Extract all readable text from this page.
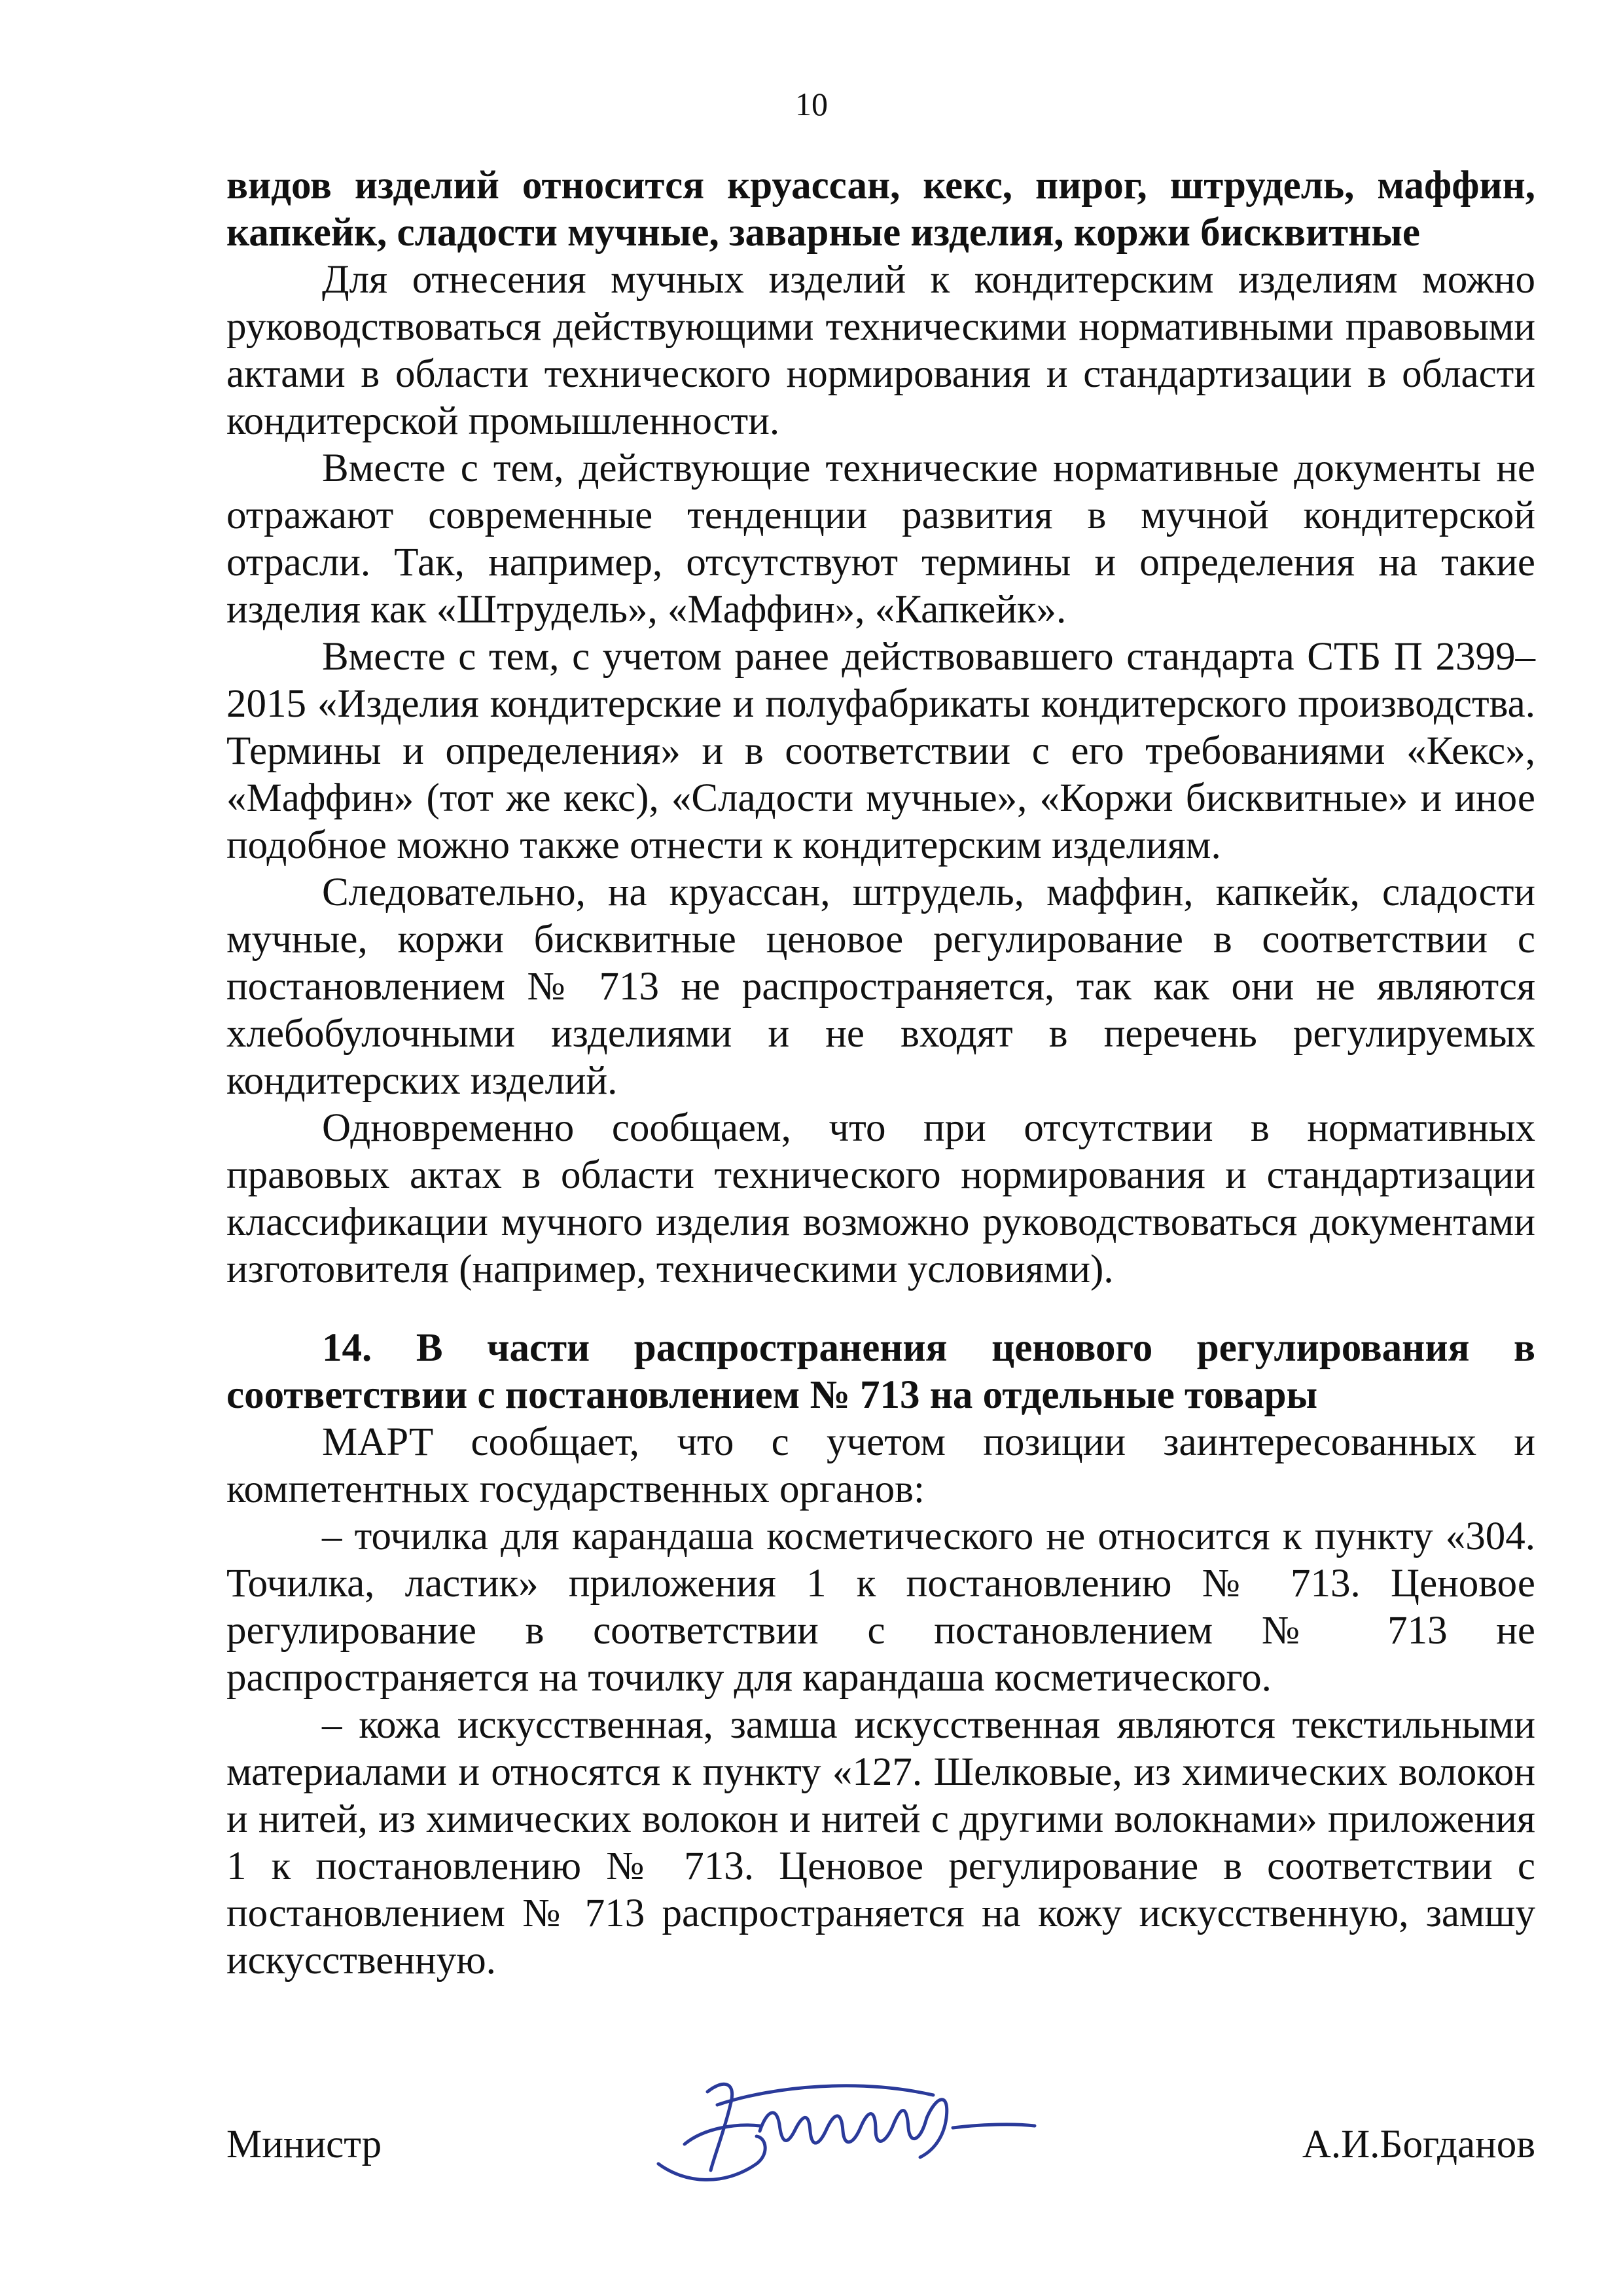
10

видов изделий относится круассан, кекс, пирог, штрудель, маффин, капкейк, сладости мучные, заварные изделия, коржи бисквитные

Для отнесения мучных изделий к кондитерским изделиям можно руководствоваться действующими техническими нормативными правовыми актами в области технического нормирования и стандартизации в области кондитерской промышленности.

Вместе с тем, действующие технические нормативные документы не отражают современные тенденции развития в мучной кондитерской отрасли. Так, например, отсутствуют термины и определения на такие изделия как «Штрудель», «Маффин», «Капкейк».

Вместе с тем, с учетом ранее действовавшего стандарта СТБ П 2399–2015 «Изделия кондитерские и полуфабрикаты кондитерского производства. Термины и определения» и в соответствии с его требованиями «Кекс», «Маффин» (тот же кекс), «Сладости мучные», «Коржи бисквитные» и иное подобное можно также отнести к кондитерским изделиям.

Следовательно, на круассан, штрудель, маффин, капкейк, сладости мучные, коржи бисквитные ценовое регулирование в соответствии с постановлением № 713 не распространяется, так как они не являются хлебобулочными изделиями и не входят в перечень регулируемых кондитерских изделий.

Одновременно сообщаем, что при отсутствии в нормативных правовых актах в области технического нормирования и стандартизации классификации мучного изделия возможно руководствоваться документами изготовителя (например, техническими условиями).

14. В части распространения ценового регулирования в соответствии с постановлением № 713 на отдельные товары

МАРТ сообщает, что с учетом позиции заинтересованных и компетентных государственных органов:

– точилка для карандаша косметического не относится к пункту «304. Точилка, ластик» приложения 1 к постановлению № 713. Ценовое регулирование в соответствии с постановлением № 713 не распространяется на точилку для карандаша косметического.

– кожа искусственная, замша искусственная являются текстильными материалами и относятся к пункту «127. Шелковые, из химических волокон и нитей, из химических волокон и нитей с другими волокнами» приложения 1 к постановлению № 713. Ценовое регулирование в соответствии с постановлением № 713 распространяется на кожу искусственную, замшу искусственную.

Министр	А.И.Богданов
